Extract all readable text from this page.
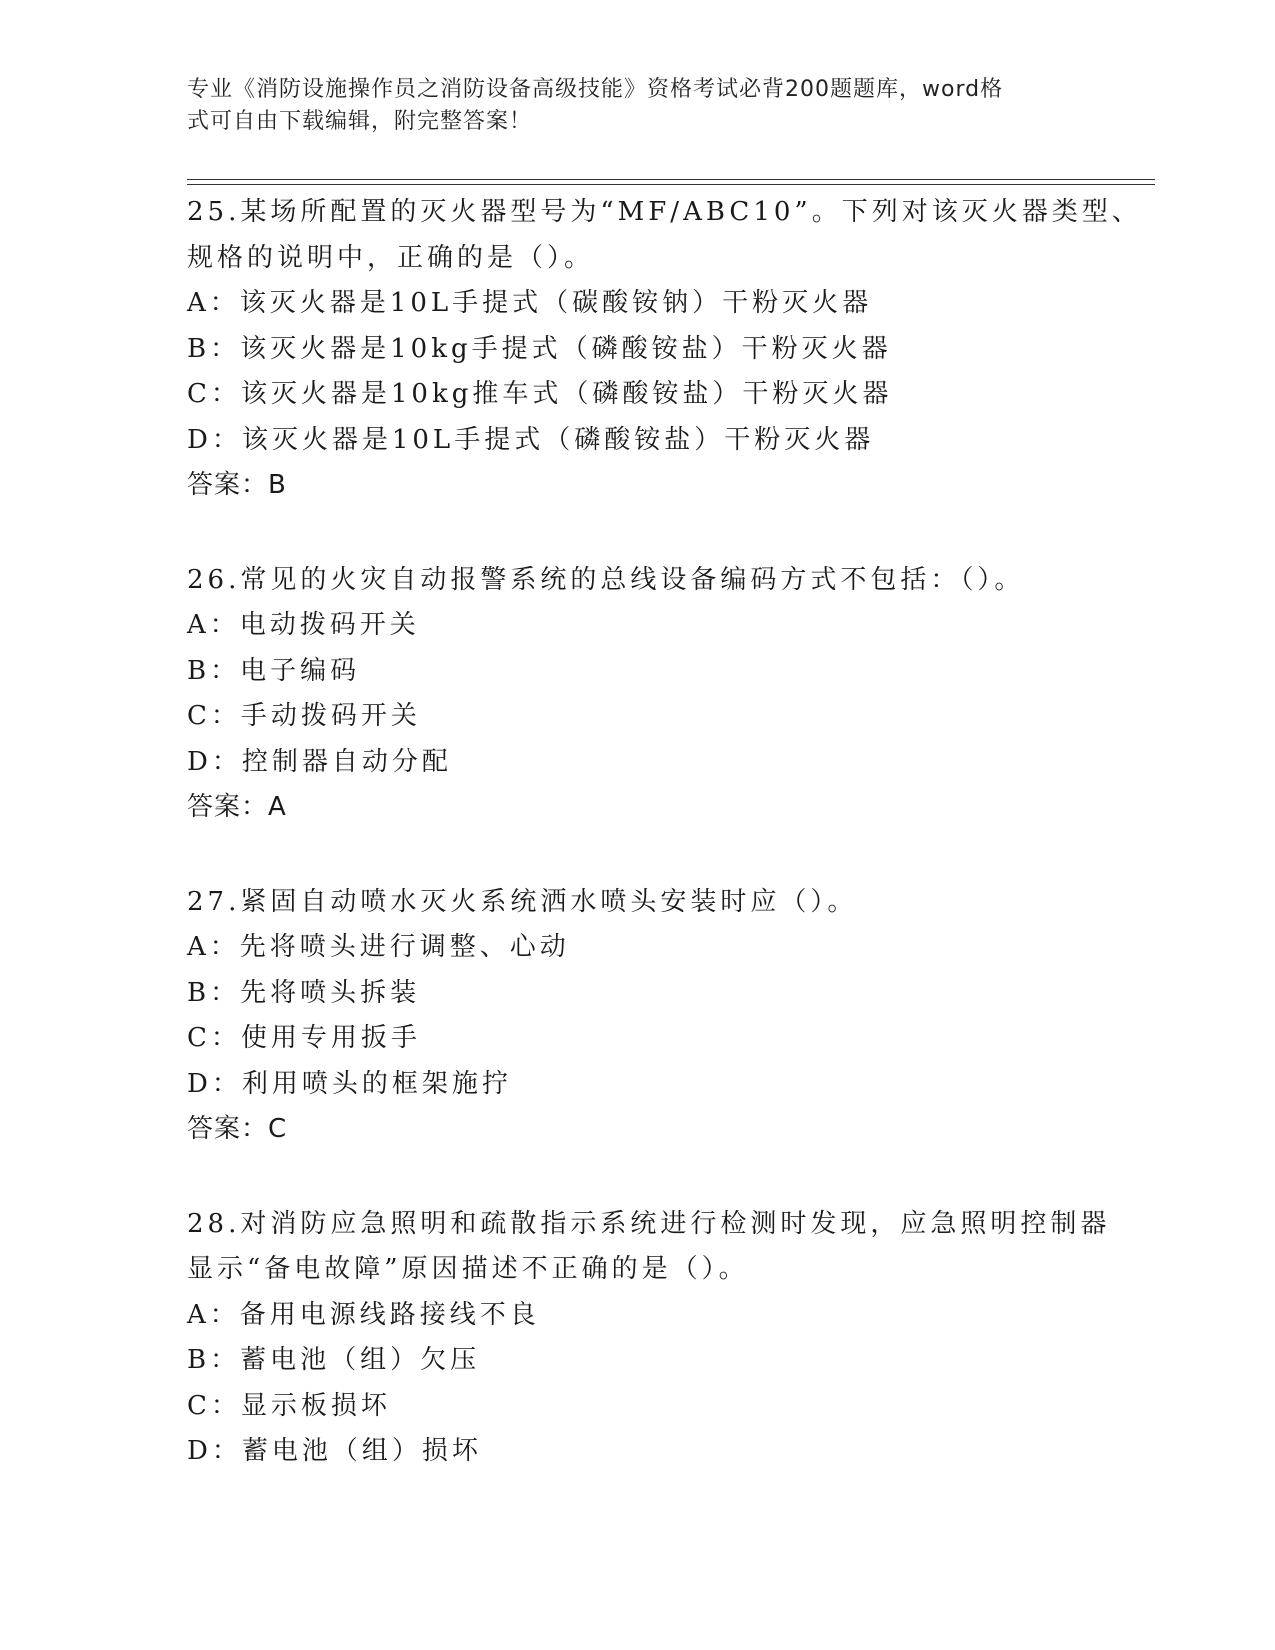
专业《消防设施操作员之消防设备高级技能》资格考试必背200题题库，word格
式可自由下载编辑，附完整答案！
25.某场所配置的灭火器型号为“MF/ABC10”。下列对该灭火器类型、
规格的说明中，正确的是（）。
A：该灭火器是10L手提式（碳酸铵钠）干粉灭火器
B：该灭火器是10kg手提式（磷酸铵盐）干粉灭火器
C：该灭火器是10kg推车式（磷酸铵盐）干粉灭火器
D：该灭火器是10L手提式（磷酸铵盐）干粉灭火器
答案：B
26.常见的火灾自动报警系统的总线设备编码方式不包括：（）。
A：电动拨码开关
B：电子编码
C：手动拨码开关
D：控制器自动分配
答案：A
27.紧固自动喷水灭火系统洒水喷头安装时应（）。
A：先将喷头进行调整、心动
B：先将喷头拆装
C：使用专用扳手
D：利用喷头的框架施拧
答案：C
28.对消防应急照明和疏散指示系统进行检测时发现，应急照明控制器
显示“备电故障”原因描述不正确的是（）。
A：备用电源线路接线不良
B：蓄电池（组）欠压
C：显示板损坏
D：蓄电池（组）损坏
